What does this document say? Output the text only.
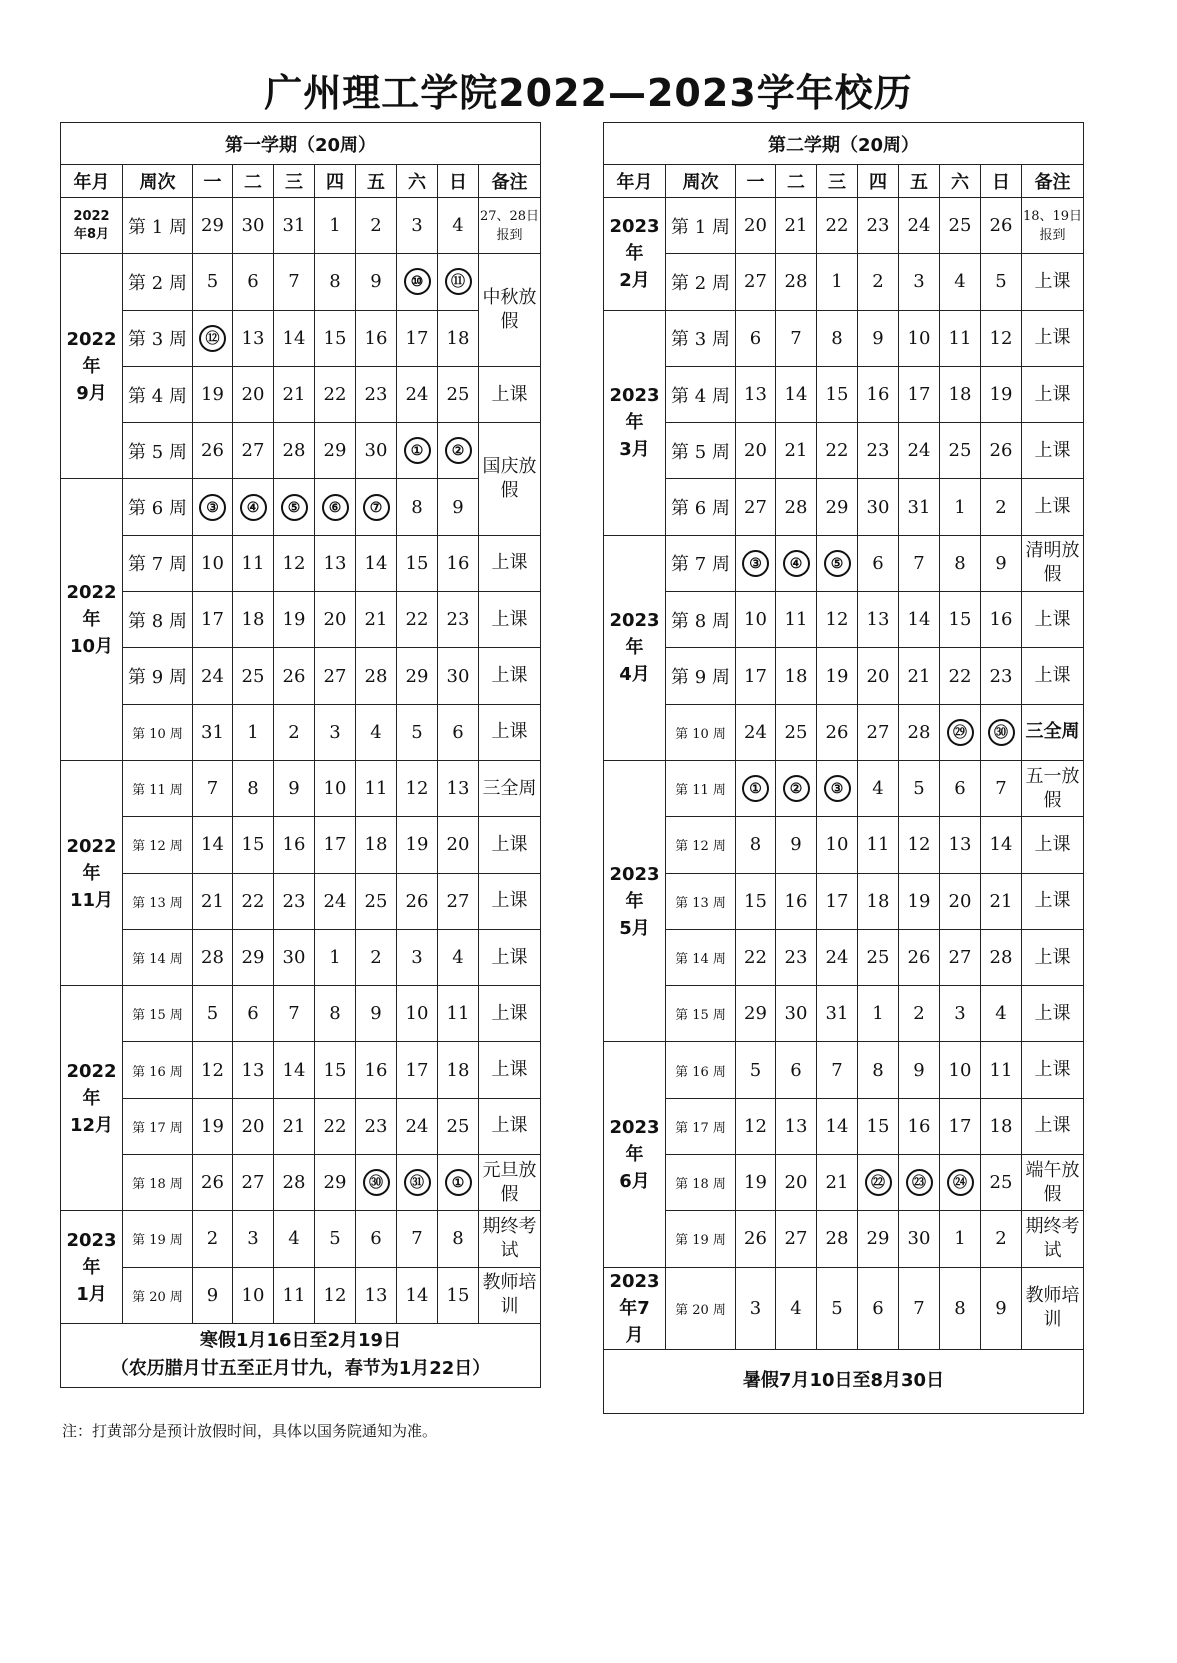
广州理工学院2022—2023学年校历
第一学期（20周）									
年月	周次	一	二	三	四	五	六	日	备注
2022
年8月	第 1 周	29	30	31	1	2	3	4	27、28日报到
2022
年
9月	第 2 周	5	6	7	8	9	⑩	⑪	中秋放假
	第 3 周	⑫	13	14	15	16	17	18	
	第 4 周	19	20	21	22	23	24	25	上课
	第 5 周	26	27	28	29	30	①	②	国庆放假
2022
年
10月	第 6 周	③	④	⑤	⑥	⑦	8	9	
	第 7 周	10	11	12	13	14	15	16	上课
	第 8 周	17	18	19	20	21	22	23	上课
	第 9 周	24	25	26	27	28	29	30	上课
	第 10 周	31	1	2	3	4	5	6	上课
2022
年
11月	第 11 周	7	8	9	10	11	12	13	三全周
	第 12 周	14	15	16	17	18	19	20	上课
	第 13 周	21	22	23	24	25	26	27	上课
	第 14 周	28	29	30	1	2	3	4	上课
2022
年
12月	第 15 周	5	6	7	8	9	10	11	上课
	第 16 周	12	13	14	15	16	17	18	上课
	第 17 周	19	20	21	22	23	24	25	上课
	第 18 周	26	27	28	29	㉚	㉛	①	元旦放假
2023
年
1月	第 19 周	2	3	4	5	6	7	8	期终考试
	第 20 周	9	10	11	12	13	14	15	教师培训

寒假1月16日至2月19日
（农历腊月廿五至正月廿九，春节为1月22日）									
第二学期（20周）									
年月	周次	一	二	三	四	五	六	日	备注
2023
年
2月	第 1 周	20	21	22	23	24	25	26	18、19日报到
	第 2 周	27	28	1	2	3	4	5	上课
2023
年
3月	第 3 周	6	7	8	9	10	11	12	上课
	第 4 周	13	14	15	16	17	18	19	上课
	第 5 周	20	21	22	23	24	25	26	上课
	第 6 周	27	28	29	30	31	1	2	上课
2023
年
4月	第 7 周	③	④	⑤	6	7	8	9	清明放假
	第 8 周	10	11	12	13	14	15	16	上课
	第 9 周	17	18	19	20	21	22	23	上课
	第 10 周	24	25	26	27	28	㉙	㉚	三全周
2023
年
5月	第 11 周	①	②	③	4	5	6	7	五一放假
	第 12 周	8	9	10	11	12	13	14	上课
	第 13 周	15	16	17	18	19	20	21	上课
	第 14 周	22	23	24	25	26	27	28	上课
	第 15 周	29	30	31	1	2	3	4	上课
2023
年
6月	第 16 周	5	6	7	8	9	10	11	上课
	第 17 周	12	13	14	15	16	17	18	上课
	第 18 周	19	20	21	㉒	㉓	㉔	25	端午放假
	第 19 周	26	27	28	29	30	1	2	期终考试
2023
年7
月	第 20 周	3	4	5	6	7	8	9	教师培训

暑假7月10日至8月30日									
注：打黄部分是预计放假时间，具体以国务院通知为准。
